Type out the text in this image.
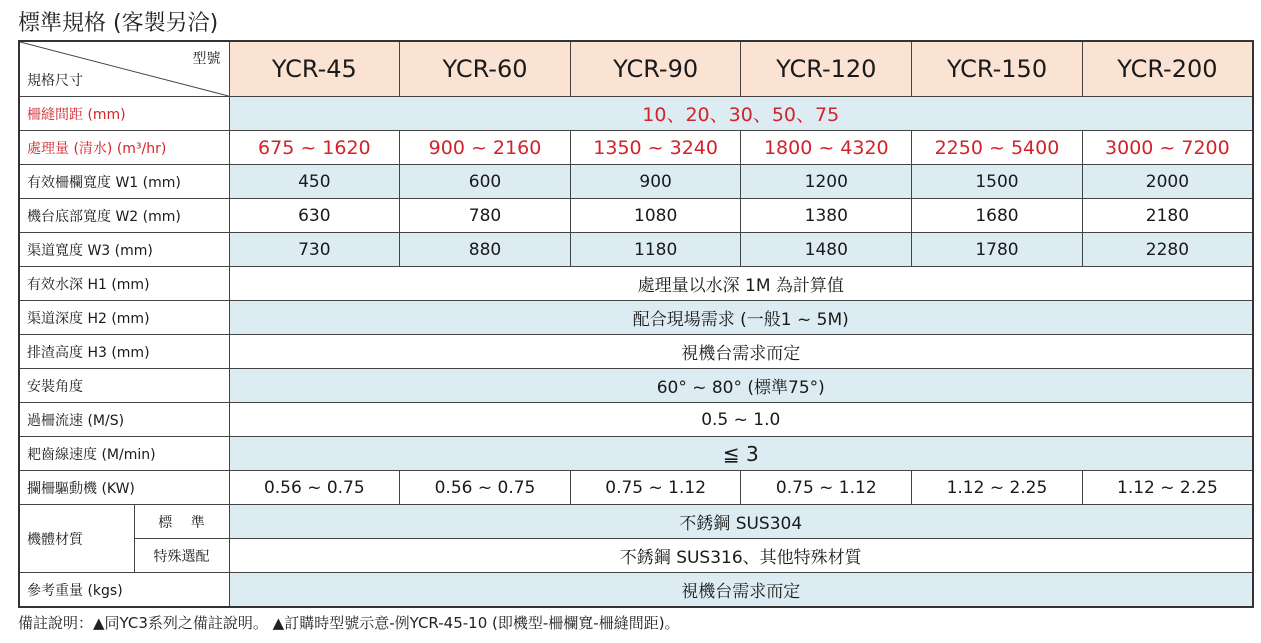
標準規格 (客製另洽)
型號
規格尺寸		YCR-45	YCR-60	YCR-90	YCR-120	YCR-150	YCR-200
柵縫間距 (mm)		10、20、30、50、75					
處理量 (清水) (m³/hr)		675 ~ 1620	900 ~ 2160	1350 ~ 3240	1800 ~ 4320	2250 ~ 5400	3000 ~ 7200
有效柵欄寬度 W1 (mm)		450	600	900	1200	1500	2000
機台底部寬度 W2 (mm)		630	780	1080	1380	1680	2180
渠道寬度 W3 (mm)		730	880	1180	1480	1780	2280
有效水深 H1 (mm)		處理量以水深 1M 為計算值					
渠道深度 H2 (mm)		配合現場需求 (一般1 ~ 5M)					
排渣高度 H3 (mm)		視機台需求而定					
安裝角度		60° ~ 80° (標準75°)					
過柵流速 (M/S)		0.5 ~ 1.0					
耙齒線速度 (M/min)		≦ 3					
攔柵驅動機 (KW)		0.56 ~ 0.75	0.56 ~ 0.75	0.75 ~ 1.12	0.75 ~ 1.12	1.12 ~ 2.25	1.12 ~ 2.25
機體材質	標　 準	不銹鋼 SUS304					
	特殊選配	不銹鋼 SUS316、其他特殊材質					
參考重量 (kgs)		視機台需求而定					
備註說明：▲同YC3系列之備註說明。 ▲訂購時型號示意-例YCR-45-10 (即機型-柵欄寬-柵縫間距)。
